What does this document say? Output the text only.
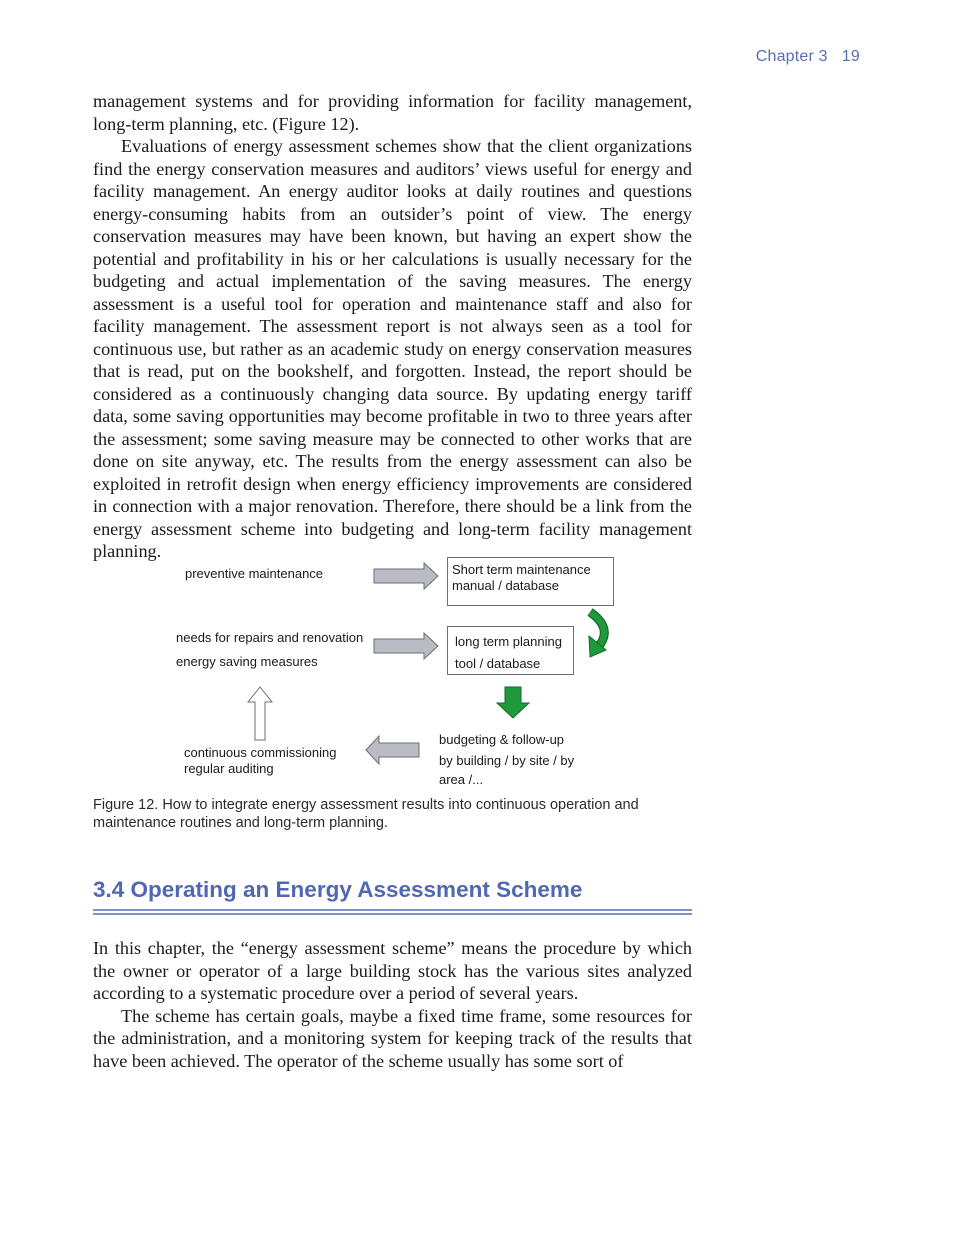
Chapter 3 19

management systems and for providing information for facility management, long-term planning, etc. (Figure 12).

Evaluations of energy assessment schemes show that the client organizations find the energy conservation measures and auditors’ views useful for energy and facility management. An energy auditor looks at daily routines and questions energy-consuming habits from an outsider’s point of view. The energy conservation measures may have been known, but having an expert show the potential and profitability in his or her calculations is usually necessary for the budgeting and actual implementation of the saving measures. The energy assessment is a useful tool for operation and maintenance staff and also for facility management. The assessment report is not always seen as a tool for continuous use, but rather as an academic study on energy conservation measures that is read, put on the bookshelf, and forgotten. Instead, the report should be considered as a continuously changing data source. By updating energy tariff data, some saving opportunities may become profitable in two to three years after the assessment; some saving measure may be connected to other works that are done on site anyway, etc. The results from the energy assessment can also be exploited in retrofit design when energy efficiency improvements are considered in connection with a major renovation. Therefore, there should be a link from the energy assessment scheme into budgeting and long-term facility management planning.

preventive maintenance
needs for repairs and renovation
energy saving measures
Short term maintenance
manual / database
long term planning
tool / database
budgeting & follow-up
by building / by site / by
area /...
continuous commissioning
regular auditing
Figure 12. How to integrate energy assessment results into continuous operation and maintenance routines and long-term planning.
3.4 Operating an Energy Assessment Scheme

In this chapter, the “energy assessment scheme” means the procedure by which the owner or operator of a large building stock has the various sites analyzed according to a systematic procedure over a period of several years.

The scheme has certain goals, maybe a fixed time frame, some resources for the administration, and a monitoring system for keeping track of the results that have been achieved. The operator of the scheme usually has some sort of
